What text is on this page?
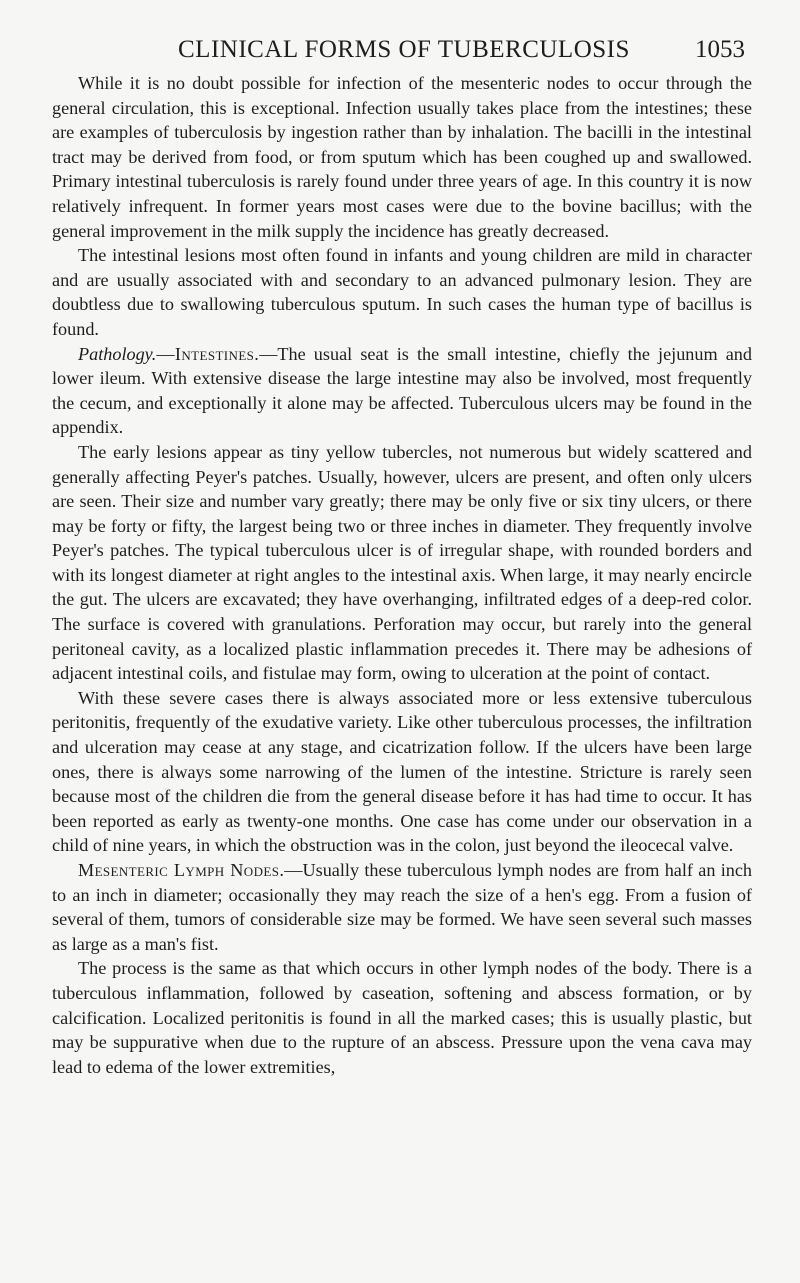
CLINICAL FORMS OF TUBERCULOSIS	1053

While it is no doubt possible for infection of the mesenteric nodes to occur through the general circulation, this is exceptional. Infection usually takes place from the intestines; these are examples of tuberculosis by ingestion rather than by inhalation. The bacilli in the intestinal tract may be derived from food, or from sputum which has been coughed up and swallowed. Primary intestinal tuberculosis is rarely found under three years of age. In this country it is now relatively infrequent. In former years most cases were due to the bovine bacillus; with the general improvement in the milk supply the incidence has greatly decreased.

The intestinal lesions most often found in infants and young children are mild in character and are usually associated with and secondary to an advanced pulmonary lesion. They are doubtless due to swallowing tuberculous sputum. In such cases the human type of bacillus is found.

Pathology.—Intestines.—The usual seat is the small intestine, chiefly the jejunum and lower ileum. With extensive disease the large intestine may also be involved, most frequently the cecum, and exceptionally it alone may be affected. Tuberculous ulcers may be found in the appendix.

The early lesions appear as tiny yellow tubercles, not numerous but widely scattered and generally affecting Peyer's patches. Usually, however, ulcers are present, and often only ulcers are seen. Their size and number vary greatly; there may be only five or six tiny ulcers, or there may be forty or fifty, the largest being two or three inches in diameter. They frequently involve Peyer's patches. The typical tuberculous ulcer is of irregular shape, with rounded borders and with its longest diameter at right angles to the intestinal axis. When large, it may nearly encircle the gut. The ulcers are excavated; they have overhanging, infiltrated edges of a deep-red color. The surface is covered with granulations. Perforation may occur, but rarely into the general peritoneal cavity, as a localized plastic inflammation precedes it. There may be adhesions of adjacent intestinal coils, and fistulae may form, owing to ulceration at the point of contact.

With these severe cases there is always associated more or less extensive tuberculous peritonitis, frequently of the exudative variety. Like other tuberculous processes, the infiltration and ulceration may cease at any stage, and cicatrization follow. If the ulcers have been large ones, there is always some narrowing of the lumen of the intestine. Stricture is rarely seen because most of the children die from the general disease before it has had time to occur. It has been reported as early as twenty-one months. One case has come under our observation in a child of nine years, in which the obstruction was in the colon, just beyond the ileocecal valve.

Mesenteric Lymph Nodes.—Usually these tuberculous lymph nodes are from half an inch to an inch in diameter; occasionally they may reach the size of a hen's egg. From a fusion of several of them, tumors of considerable size may be formed. We have seen several such masses as large as a man's fist.

The process is the same as that which occurs in other lymph nodes of the body. There is a tuberculous inflammation, followed by caseation, softening and abscess formation, or by calcification. Localized peritonitis is found in all the marked cases; this is usually plastic, but may be suppurative when due to the rupture of an abscess. Pressure upon the vena cava may lead to edema of the lower extremities,
